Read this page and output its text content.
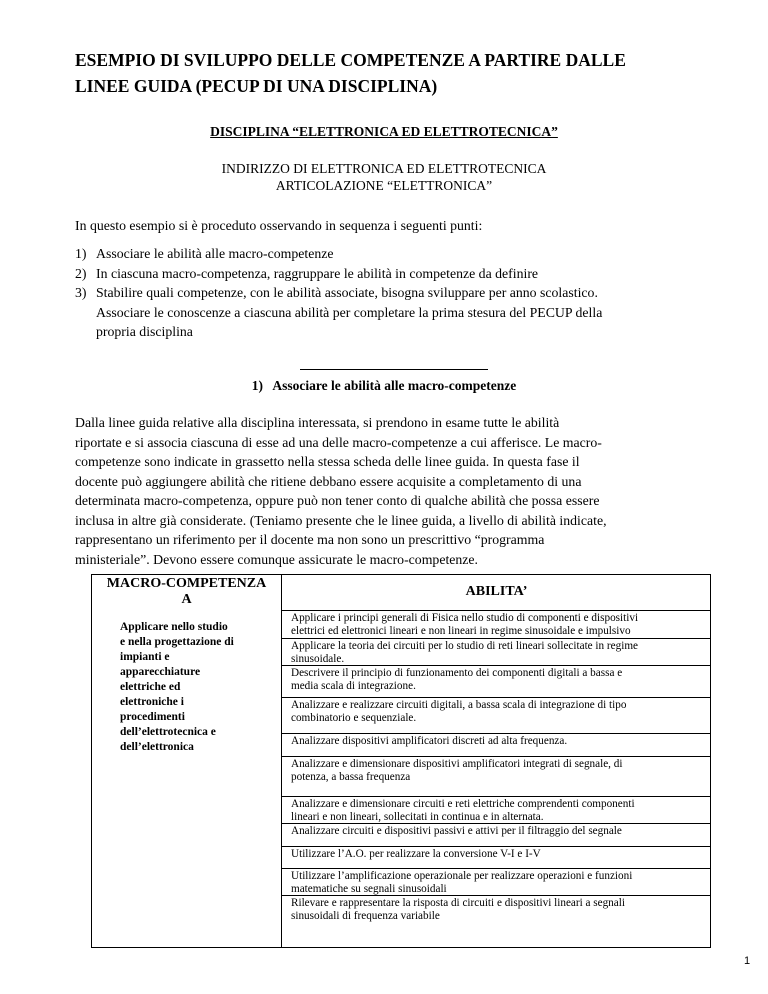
ESEMPIO DI SVILUPPO DELLE COMPETENZE A PARTIRE DALLE
LINEE GUIDA (PECUP DI UNA DISCIPLINA)

DISCIPLINA “ELETTRONICA ED ELETTROTECNICA”

INDIRIZZO DI ELETTRONICA ED ELETTROTECNICA

ARTICOLAZIONE “ELETTRONICA”

In questo esempio si è proceduto osservando in sequenza i seguenti punti:

1) Associare le abilità alle macro-competenze
2) In ciascuna macro-competenza, raggruppare le abilità in competenze da definire
3) Stabilire quali competenze, con le abilità associate, bisogna sviluppare per anno scolastico.
Associare le conoscenze a ciascuna abilità per completare la prima stesura del PECUP della
propria disciplina

1)  Associare le abilità alle macro-competenze

Dalla linee guida relative alla disciplina interessata, si prendono in esame tutte le abilità
riportate e si associa ciascuna di esse ad una delle macro-competenze a cui afferisce. Le macro-
competenze sono indicate in grassetto nella stessa scheda delle linee guida. In questa fase il
docente può aggiungere abilità che ritiene debbano essere acquisite a completamento di una
determinata macro-competenza, oppure può non tener conto di qualche abilità che possa essere
inclusa in altre già considerate. (Teniamo presente che le linee guida, a livello di abilità indicate,
rappresentano un riferimento per il docente ma non sono un prescrittivo “programma
ministeriale”. Devono essere comunque assicurate le macro-competenze.

MACRO-COMPETENZA
A

Applicare nello studio
e nella progettazione di
impianti e
apparecchiature
elettriche ed
elettroniche i
procedimenti
dell’elettrotecnica e
dell’elettronica

ABILITA’

Applicare i principi generali di Fisica nello studio di componenti e dispositivi
elettrici ed elettronici lineari e non lineari in regime sinusoidale e impulsivo
Applicare la teoria dei circuiti per lo studio di reti lineari sollecitate in regime
sinusoidale.
Descrivere il principio di funzionamento dei componenti digitali a bassa e
media scala di integrazione.
Analizzare e realizzare circuiti digitali, a bassa scala di integrazione di tipo
combinatorio e sequenziale.
Analizzare dispositivi amplificatori discreti ad alta frequenza.
Analizzare e dimensionare dispositivi amplificatori integrati di segnale, di
potenza, a bassa frequenza
Analizzare e dimensionare circuiti e reti elettriche comprendenti componenti
lineari e non lineari, sollecitati in continua e in alternata.
Analizzare circuiti e dispositivi passivi e attivi per il filtraggio del segnale
Utilizzare l’A.O. per realizzare la conversione V-I e I-V
Utilizzare l’amplificazione operazionale per realizzare operazioni e funzioni
matematiche su segnali sinusoidali
Rilevare e rappresentare la risposta di circuiti e dispositivi lineari a segnali
sinusoidali di frequenza variabile

1
